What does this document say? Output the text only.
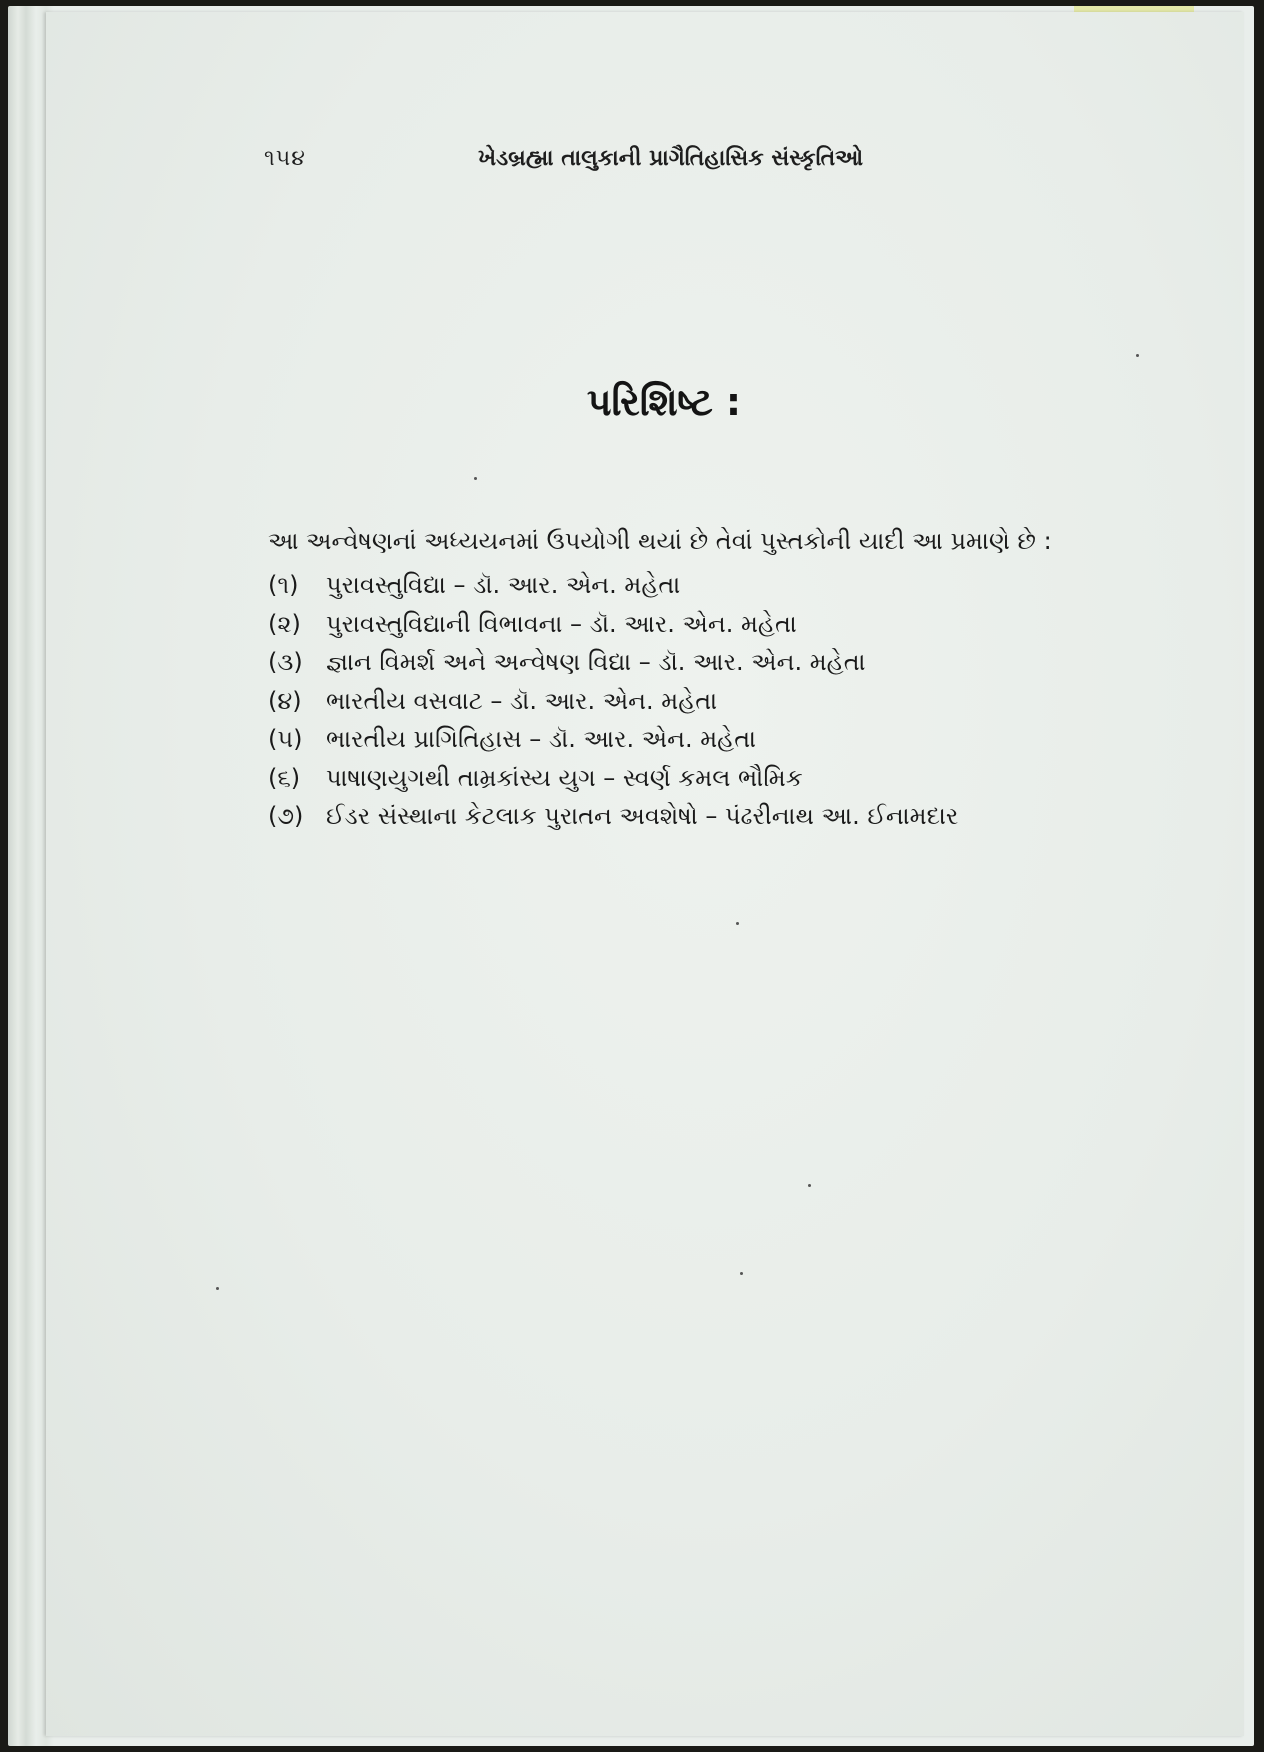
૧૫૪	ખેડબ્રહ્મા તાલુકાની પ્રાગૈતિહાસિક સંસ્કૃતિઓ
પરિશિષ્ટ :
આ અન્વેષણનાં અધ્યયનમાં ઉપયોગી થયાં છે તેવાં પુસ્તકોની યાદી આ પ્રમાણે છે :
(૧) પુરાવસ્તુવિદ્યા – ડૉ. આર. એન. મહેતા
(૨) પુરાવસ્તુવિદ્યાની વિભાવના – ડૉ. આર. એન. મહેતા
(૩) જ્ઞાન વિમર્શ અને અન્વેષણ વિદ્યા – ડૉ. આર. એન. મહેતા
(૪) ભારતીય વસવાટ – ડૉ. આર. એન. મહેતા
(૫) ભારતીય પ્રાગિતિહાસ – ડૉ. આર. એન. મહેતા
(૬) પાષાણયુગથી તામ્રકાંસ્ય યુગ – સ્વર્ણ કમલ ભૌમિક
(૭) ઈડર સંસ્થાના કેટલાક પુરાતન અવશેષો – પંઢરીનાથ આ. ઈનામદાર
